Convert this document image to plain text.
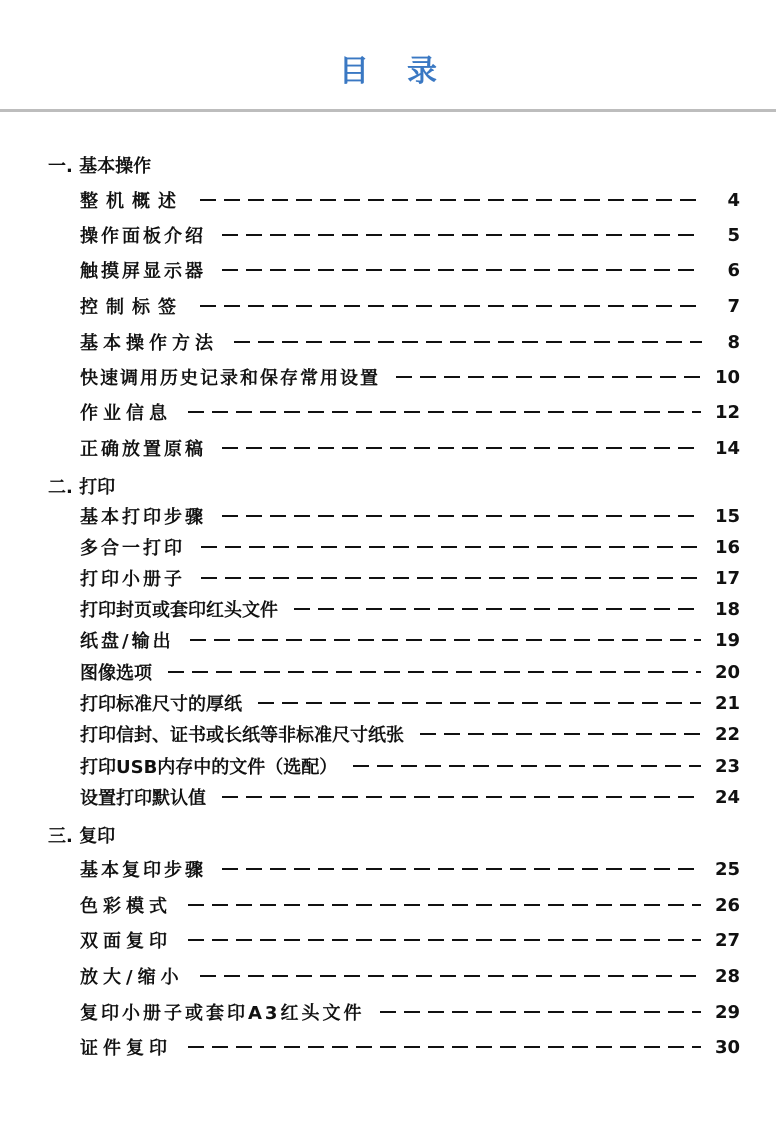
目录
一. 基本操作
整机概述	4
操作面板介绍	5
触摸屏显示器	6
控制标签	7
基本操作方法	8
快速调用历史记录和保存常用设置	10
作业信息	12
正确放置原稿	14
二. 打印
基本打印步骤	15
多合一打印	16
打印小册子	17
打印封页或套印红头文件	18
纸盘/输出	19
图像选项	20
打印标准尺寸的厚纸	21
打印信封、证书或长纸等非标准尺寸纸张	22
打印USB内存中的文件（选配）	23
设置打印默认值	24
三. 复印
基本复印步骤	25
色彩模式	26
双面复印	27
放大/缩小	28
复印小册子或套印A3红头文件	29
证件复印	30
